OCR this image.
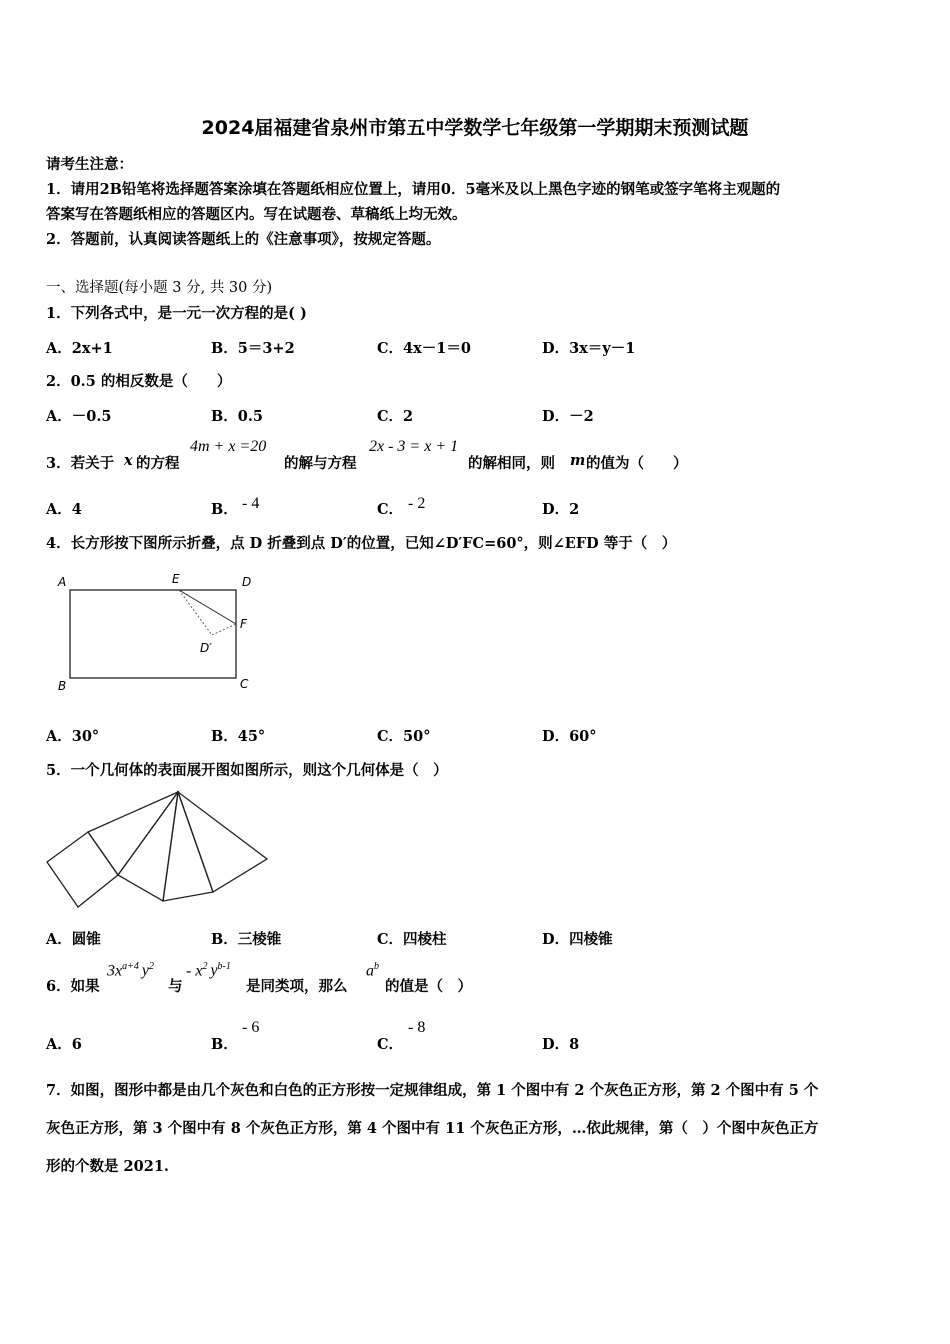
2024届福建省泉州市第五中学数学七年级第一学期期末预测试题
请考生注意：
1．请用2B铅笔将选择题答案涂填在答题纸相应位置上，请用0．5毫米及以上黑色字迹的钢笔或签字笔将主观题的
答案写在答题纸相应的答题区内。写在试题卷、草稿纸上均无效。
2．答题前，认真阅读答题纸上的《注意事项》，按规定答题。
一、选择题(每小题 3 分, 共 30 分)
1．下列各式中，是一元一次方程的是( )
A．2x+1	B．5＝3+2	C．4x－1＝0	D．3x＝y－1
2．0.5 的相反数是（　　）
A．－0.5	B．0.5	C．2	D．－2
3．若关于 x 的方程
4m + x =20
的解与方程
2x - 3 = x + 1
的解相同，则 m 的值为（　　）
A．4	B． - 4	C． - 2	D．2
4．长方形按下图所示折叠，点 D 折叠到点 D′的位置，已知∠D′FC=60°，则∠EFD 等于（　）
A	E	D
F
D′
B	C
A．30°	B．45°	C．50°	D．60°
5．一个几何体的表面展开图如图所示，则这个几何体是（　）
A．圆锥	B．三棱锥	C．四棱柱	D．四棱锥
6．如果
$3x^{a+4}$ $y^2$
与
- $x^2$ $y^{b-1}$
是同类项，那么
$a^b$
的值是（　）
A．6	B．
- 6
C．
- 8
D．8
7．如图，图形中都是由几个灰色和白色的正方形按一定规律组成，第 1 个图中有 2 个灰色正方形，第 2 个图中有 5 个
灰色正方形，第 3 个图中有 8 个灰色正方形，第 4 个图中有 11 个灰色正方形，…依此规律，第（　）个图中灰色正方
形的个数是 2021.
